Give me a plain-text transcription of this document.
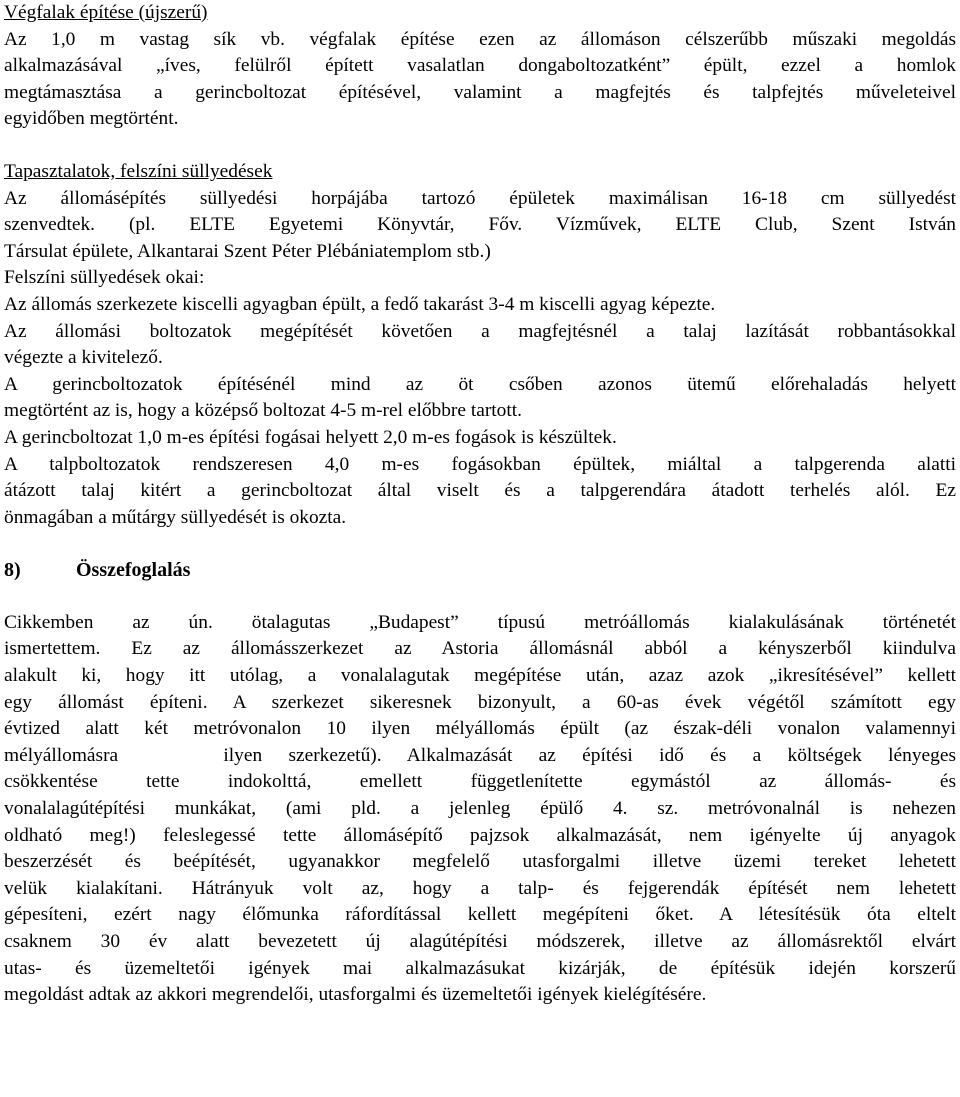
Végfalak építése (újszerű)
Az 1,0 m vastag sík vb. végfalak építése ezen az állomáson célszerűbb műszaki megoldás
alkalmazásával „íves, felülről épített vasalatlan dongaboltozatként” épült, ezzel a homlok
megtámasztása a gerincboltozat építésével, valamint a magfejtés és talpfejtés műveleteivel
egyidőben megtörtént.
Tapasztalatok, felszíni süllyedések
Az állomásépítés süllyedési horpájába tartozó épületek maximálisan 16-18 cm süllyedést
szenvedtek. (pl. ELTE Egyetemi Könyvtár, Főv. Vízművek, ELTE Club, Szent István
Társulat épülete, Alkantarai Szent Péter Plébániatemplom stb.)
Felszíni süllyedések okai:
Az állomás szerkezete kiscelli agyagban épült, a fedő takarást 3-4 m kiscelli agyag képezte.
Az állomási boltozatok megépítését követően a magfejtésnél a talaj lazítását robbantásokkal
végezte a kivitelező.
A gerincboltozatok építésénél mind az öt csőben azonos ütemű előrehaladás helyett
megtörtént az is, hogy a középső boltozat 4-5 m-rel előbbre tartott.
A gerincboltozat 1,0 m-es építési fogásai helyett 2,0 m-es fogások is készültek.
A talpboltozatok rendszeresen 4,0 m-es fogásokban épültek, miáltal a talpgerenda alatti
átázott talaj kitért a gerincboltozat által viselt és a talpgerendára átadott terhelés alól. Ez
önmagában a műtárgy süllyedését is okozta.
8)	Összefoglalás
Cikkemben az ún. ötalagutas „Budapest” típusú metróállomás kialakulásának történetét
ismertettem. Ez az állomásszerkezet az Astoria állomásnál abból a kényszerből kiindulva
alakult ki, hogy itt utólag, a vonalalagutak megépítése után, azaz azok „ikresítésével” kellett
egy állomást építeni. A szerkezet sikeresnek bizonyult, a 60-as évek végétől számított egy
évtized alatt két metróvonalon 10 ilyen mélyállomás épült (az észak-déli vonalon valamennyi
mélyállomásra    ilyen szerkezetű). Alkalmazását az építési idő és a költségek lényeges
csökkentése tette indokolttá, emellett függetlenítette egymástól az állomás- és
vonalalagútépítési munkákat, (ami pld. a jelenleg épülő 4. sz. metróvonalnál is nehezen
oldható meg!) feleslegessé tette állomásépítő pajzsok alkalmazását, nem igényelte új anyagok
beszerzését és beépítését, ugyanakkor megfelelő utasforgalmi illetve üzemi tereket lehetett
velük kialakítani. Hátrányuk volt az, hogy a talp- és fejgerendák építését nem lehetett
gépesíteni, ezért nagy élőmunka ráfordítással kellett megépíteni őket. A létesítésük óta eltelt
csaknem 30 év alatt bevezetett új alagútépítési módszerek, illetve az állomásrektől elvárt
utas- és üzemeltetői igények mai alkalmazásukat kizárják, de építésük idején korszerű
megoldást adtak az akkori megrendelői, utasforgalmi és üzemeltetői igények kielégítésére.
